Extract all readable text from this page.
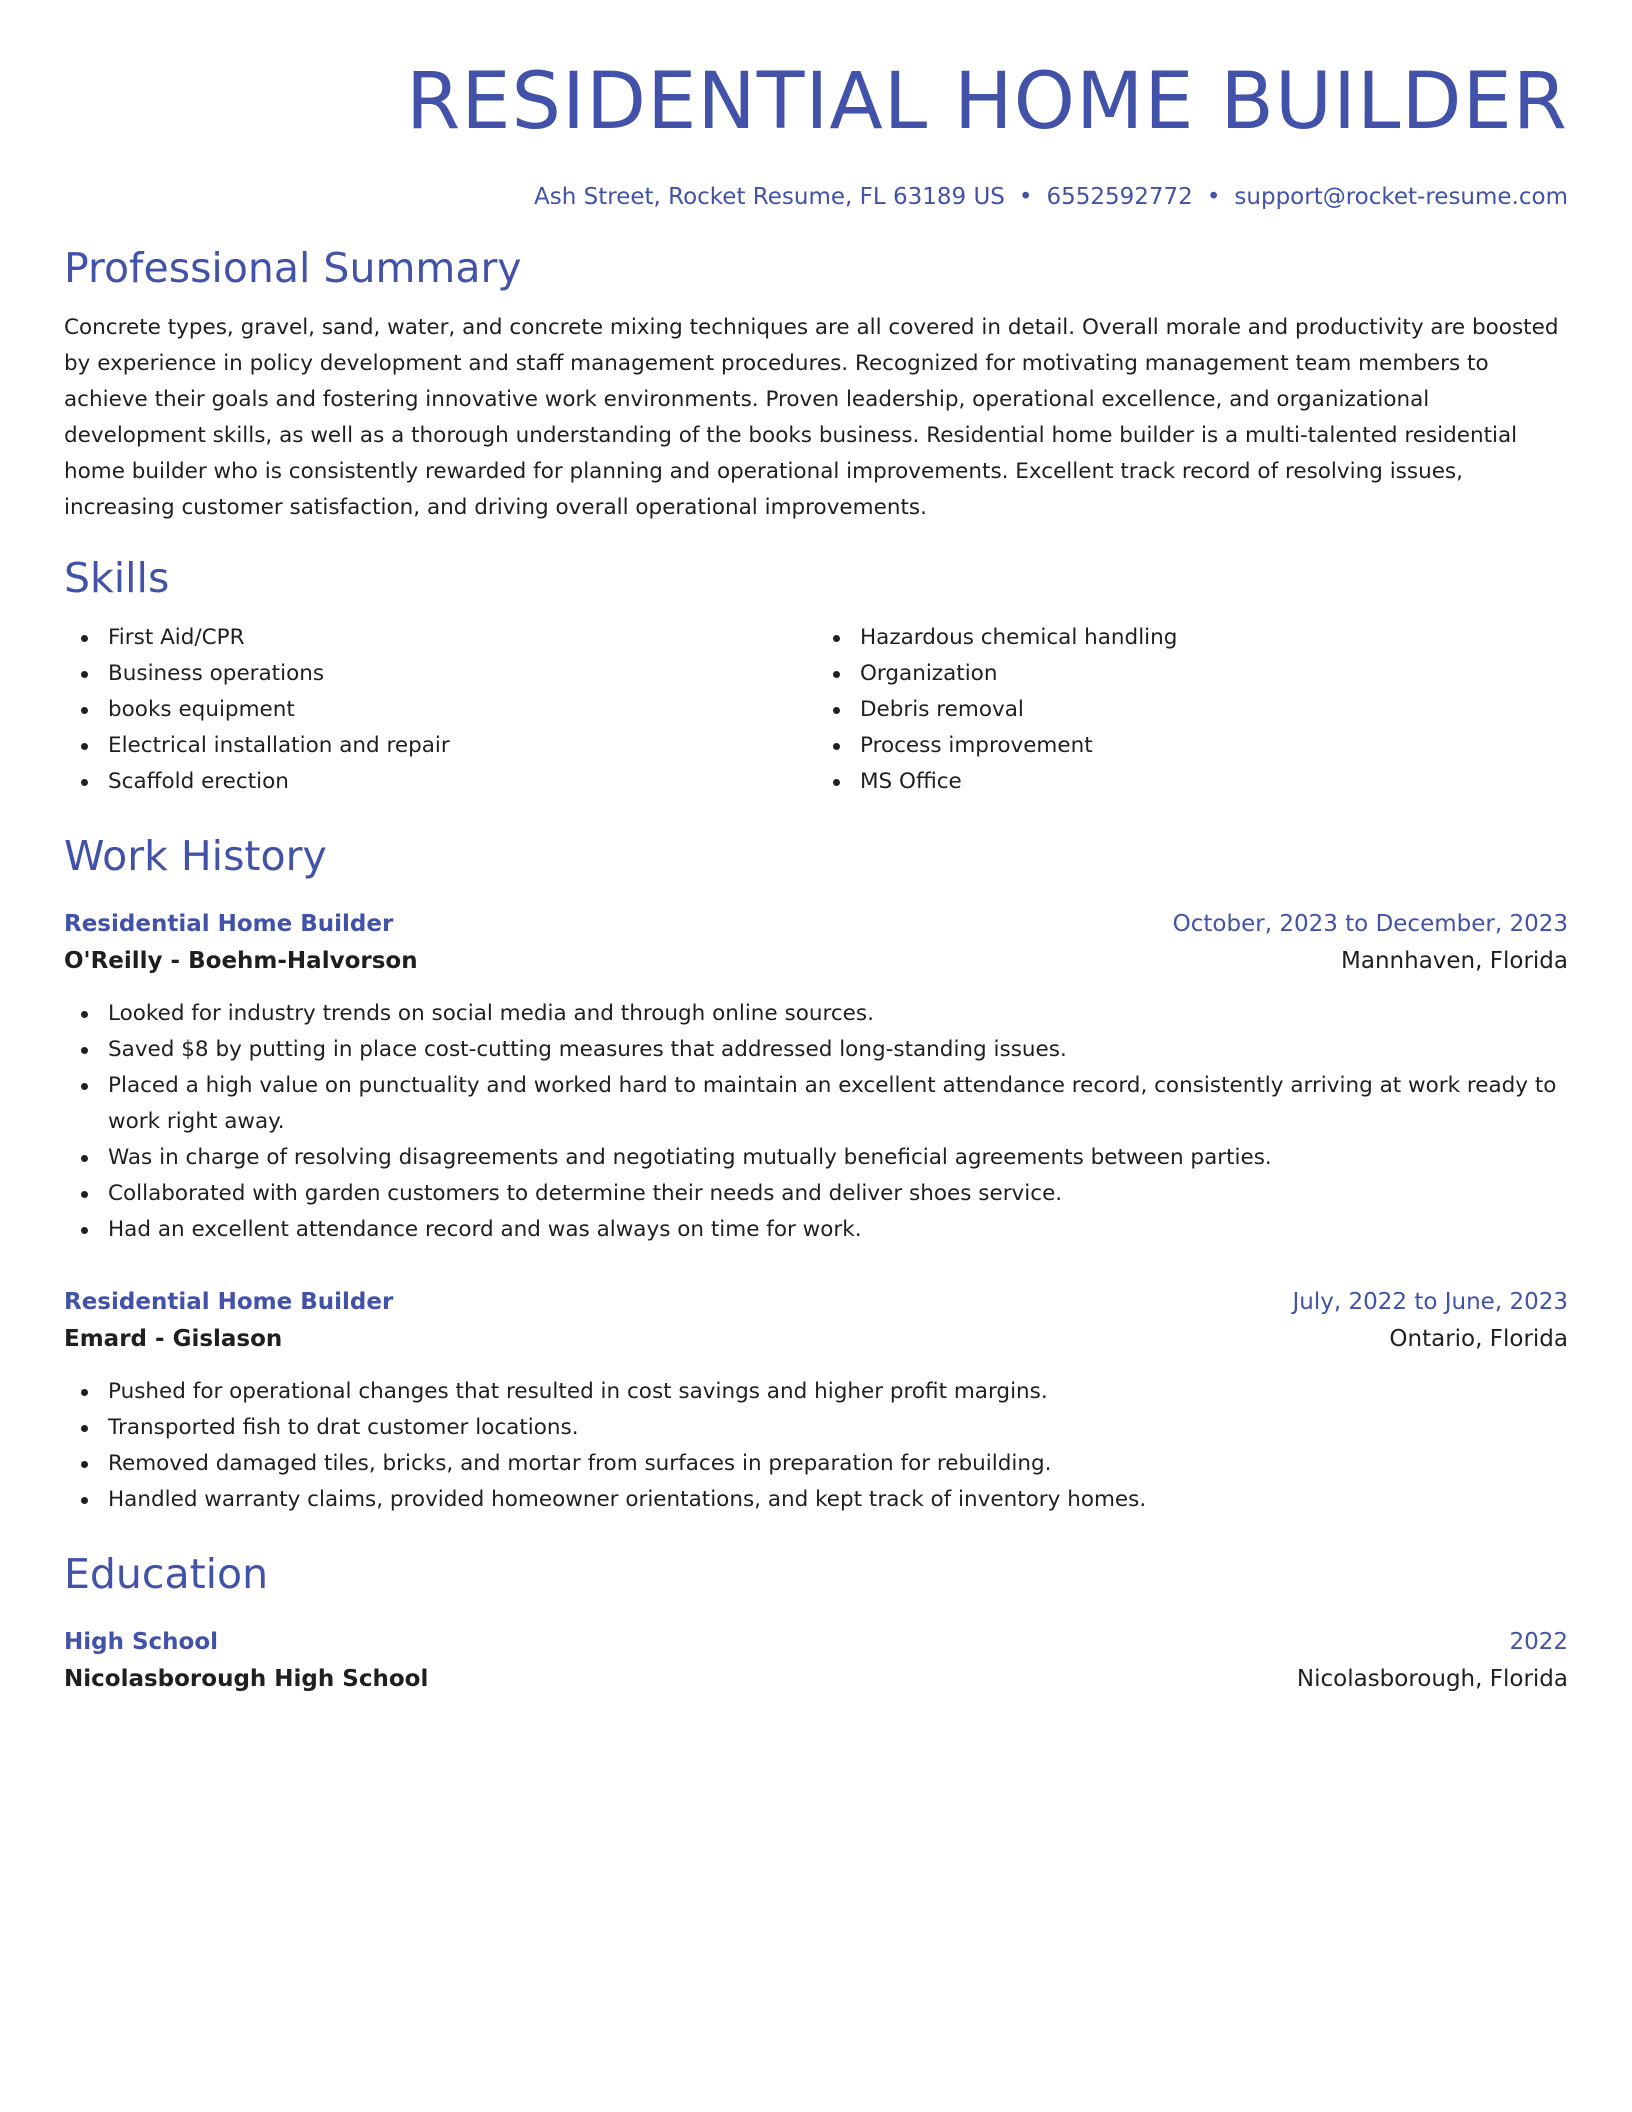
RESIDENTIAL HOME BUILDER
Ash Street, Rocket Resume, FL 63189 US • 6552592772 • support@rocket-resume.com
Professional Summary

Concrete types, gravel, sand, water, and concrete mixing techniques are all covered in detail. Overall morale and productivity are boosted by experience in policy development and staff management procedures. Recognized for motivating management team members to achieve their goals and fostering innovative work environments. Proven leadership, operational excellence, and organizational development skills, as well as a thorough understanding of the books business. Residential home builder is a multi-talented residential home builder who is consistently rewarded for planning and operational improvements. Excellent track record of resolving issues, increasing customer satisfaction, and driving overall operational improvements.

Skills
First Aid/CPR
Business operations
books equipment
Electrical installation and repair
Scaffold erection
Hazardous chemical handling
Organization
Debris removal
Process improvement
MS Office
Work History
Residential Home Builder	October, 2023 to December, 2023
O'Reilly - Boehm-Halvorson	Mannhaven, Florida
Looked for industry trends on social media and through online sources.
Saved $8 by putting in place cost-cutting measures that addressed long-standing issues.
Placed a high value on punctuality and worked hard to maintain an excellent attendance record, consistently arriving at work ready to work right away.
Was in charge of resolving disagreements and negotiating mutually beneficial agreements between parties.
Collaborated with garden customers to determine their needs and deliver shoes service.
Had an excellent attendance record and was always on time for work.
Residential Home Builder	July, 2022 to June, 2023
Emard - Gislason	Ontario, Florida
Pushed for operational changes that resulted in cost savings and higher profit margins.
Transported fish to drat customer locations.
Removed damaged tiles, bricks, and mortar from surfaces in preparation for rebuilding.
Handled warranty claims, provided homeowner orientations, and kept track of inventory homes.
Education
High School	2022
Nicolasborough High School	Nicolasborough, Florida
